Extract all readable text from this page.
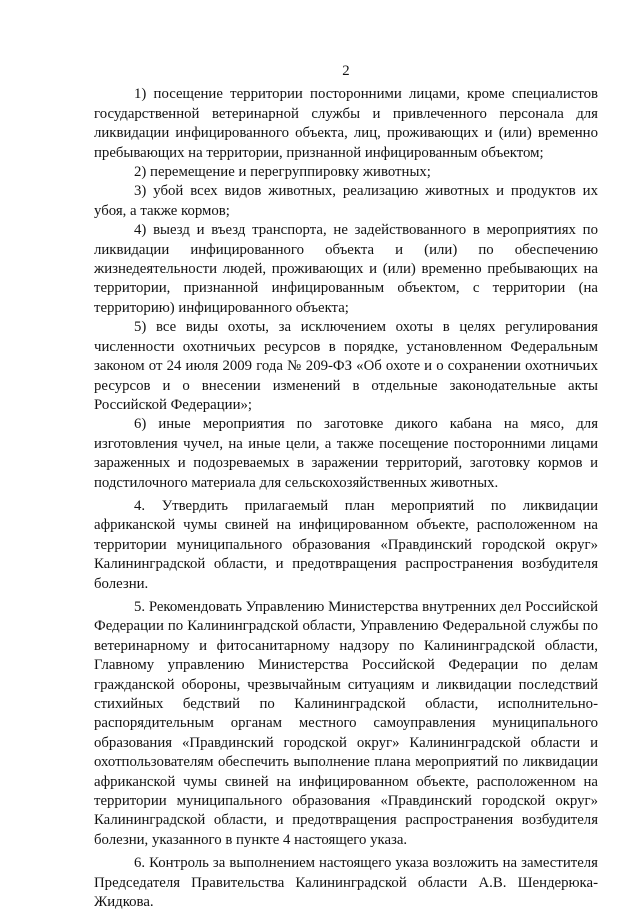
2

1) посещение территории посторонними лицами, кроме специалистов государственной ветеринарной службы и привлеченного персонала для ликвидации инфицированного объекта, лиц, проживающих и (или) временно пребывающих на территории, признанной инфицированным объектом;

2) перемещение и перегруппировку животных;

3) убой всех видов животных, реализацию животных и продуктов их убоя, а также кормов;

4) выезд и въезд транспорта, не задействованного в мероприятиях по ликвидации инфицированного объекта и (или) по обеспечению жизнедеятельности людей, проживающих и (или) временно пребывающих на территории, признанной инфицированным объектом, с территории (на территорию) инфицированного объекта;

5) все виды охоты, за исключением охоты в целях регулирования численности охотничьих ресурсов в порядке, установленном Федеральным законом от 24 июля 2009 года № 209-ФЗ «Об охоте и о сохранении охотничьих ресурсов и о внесении изменений в отдельные законодательные акты Российской Федерации»;

6) иные мероприятия по заготовке дикого кабана на мясо, для изготовления чучел, на иные цели, а также посещение посторонними лицами зараженных и подозреваемых в заражении территорий, заготовку кормов и подстилочного материала для сельскохозяйственных животных.

4. Утвердить прилагаемый план мероприятий по ликвидации африканской чумы свиней на инфицированном объекте, расположенном на территории муниципального образования «Правдинский городской округ» Калининградской области, и предотвращения распространения возбудителя болезни.

5. Рекомендовать Управлению Министерства внутренних дел Российской Федерации по Калининградской области, Управлению Федеральной службы по ветеринарному и фитосанитарному надзору по Калининградской области, Главному управлению Министерства Российской Федерации по делам гражданской обороны, чрезвычайным ситуациям и ликвидации последствий стихийных бедствий по Калининградской области, исполнительно-распорядительным органам местного самоуправления муниципального образования «Правдинский городской округ» Калининградской области и охотпользователям обеспечить выполнение плана мероприятий по ликвидации африканской чумы свиней на инфицированном объекте, расположенном на территории муниципального образования «Правдинский городской округ» Калининградской области, и предотвращения распространения возбудителя болезни, указанного в пункте 4 настоящего указа.

6. Контроль за выполнением настоящего указа возложить на заместителя Председателя Правительства Калининградской области А.В. Шендерюка-Жидкова.
